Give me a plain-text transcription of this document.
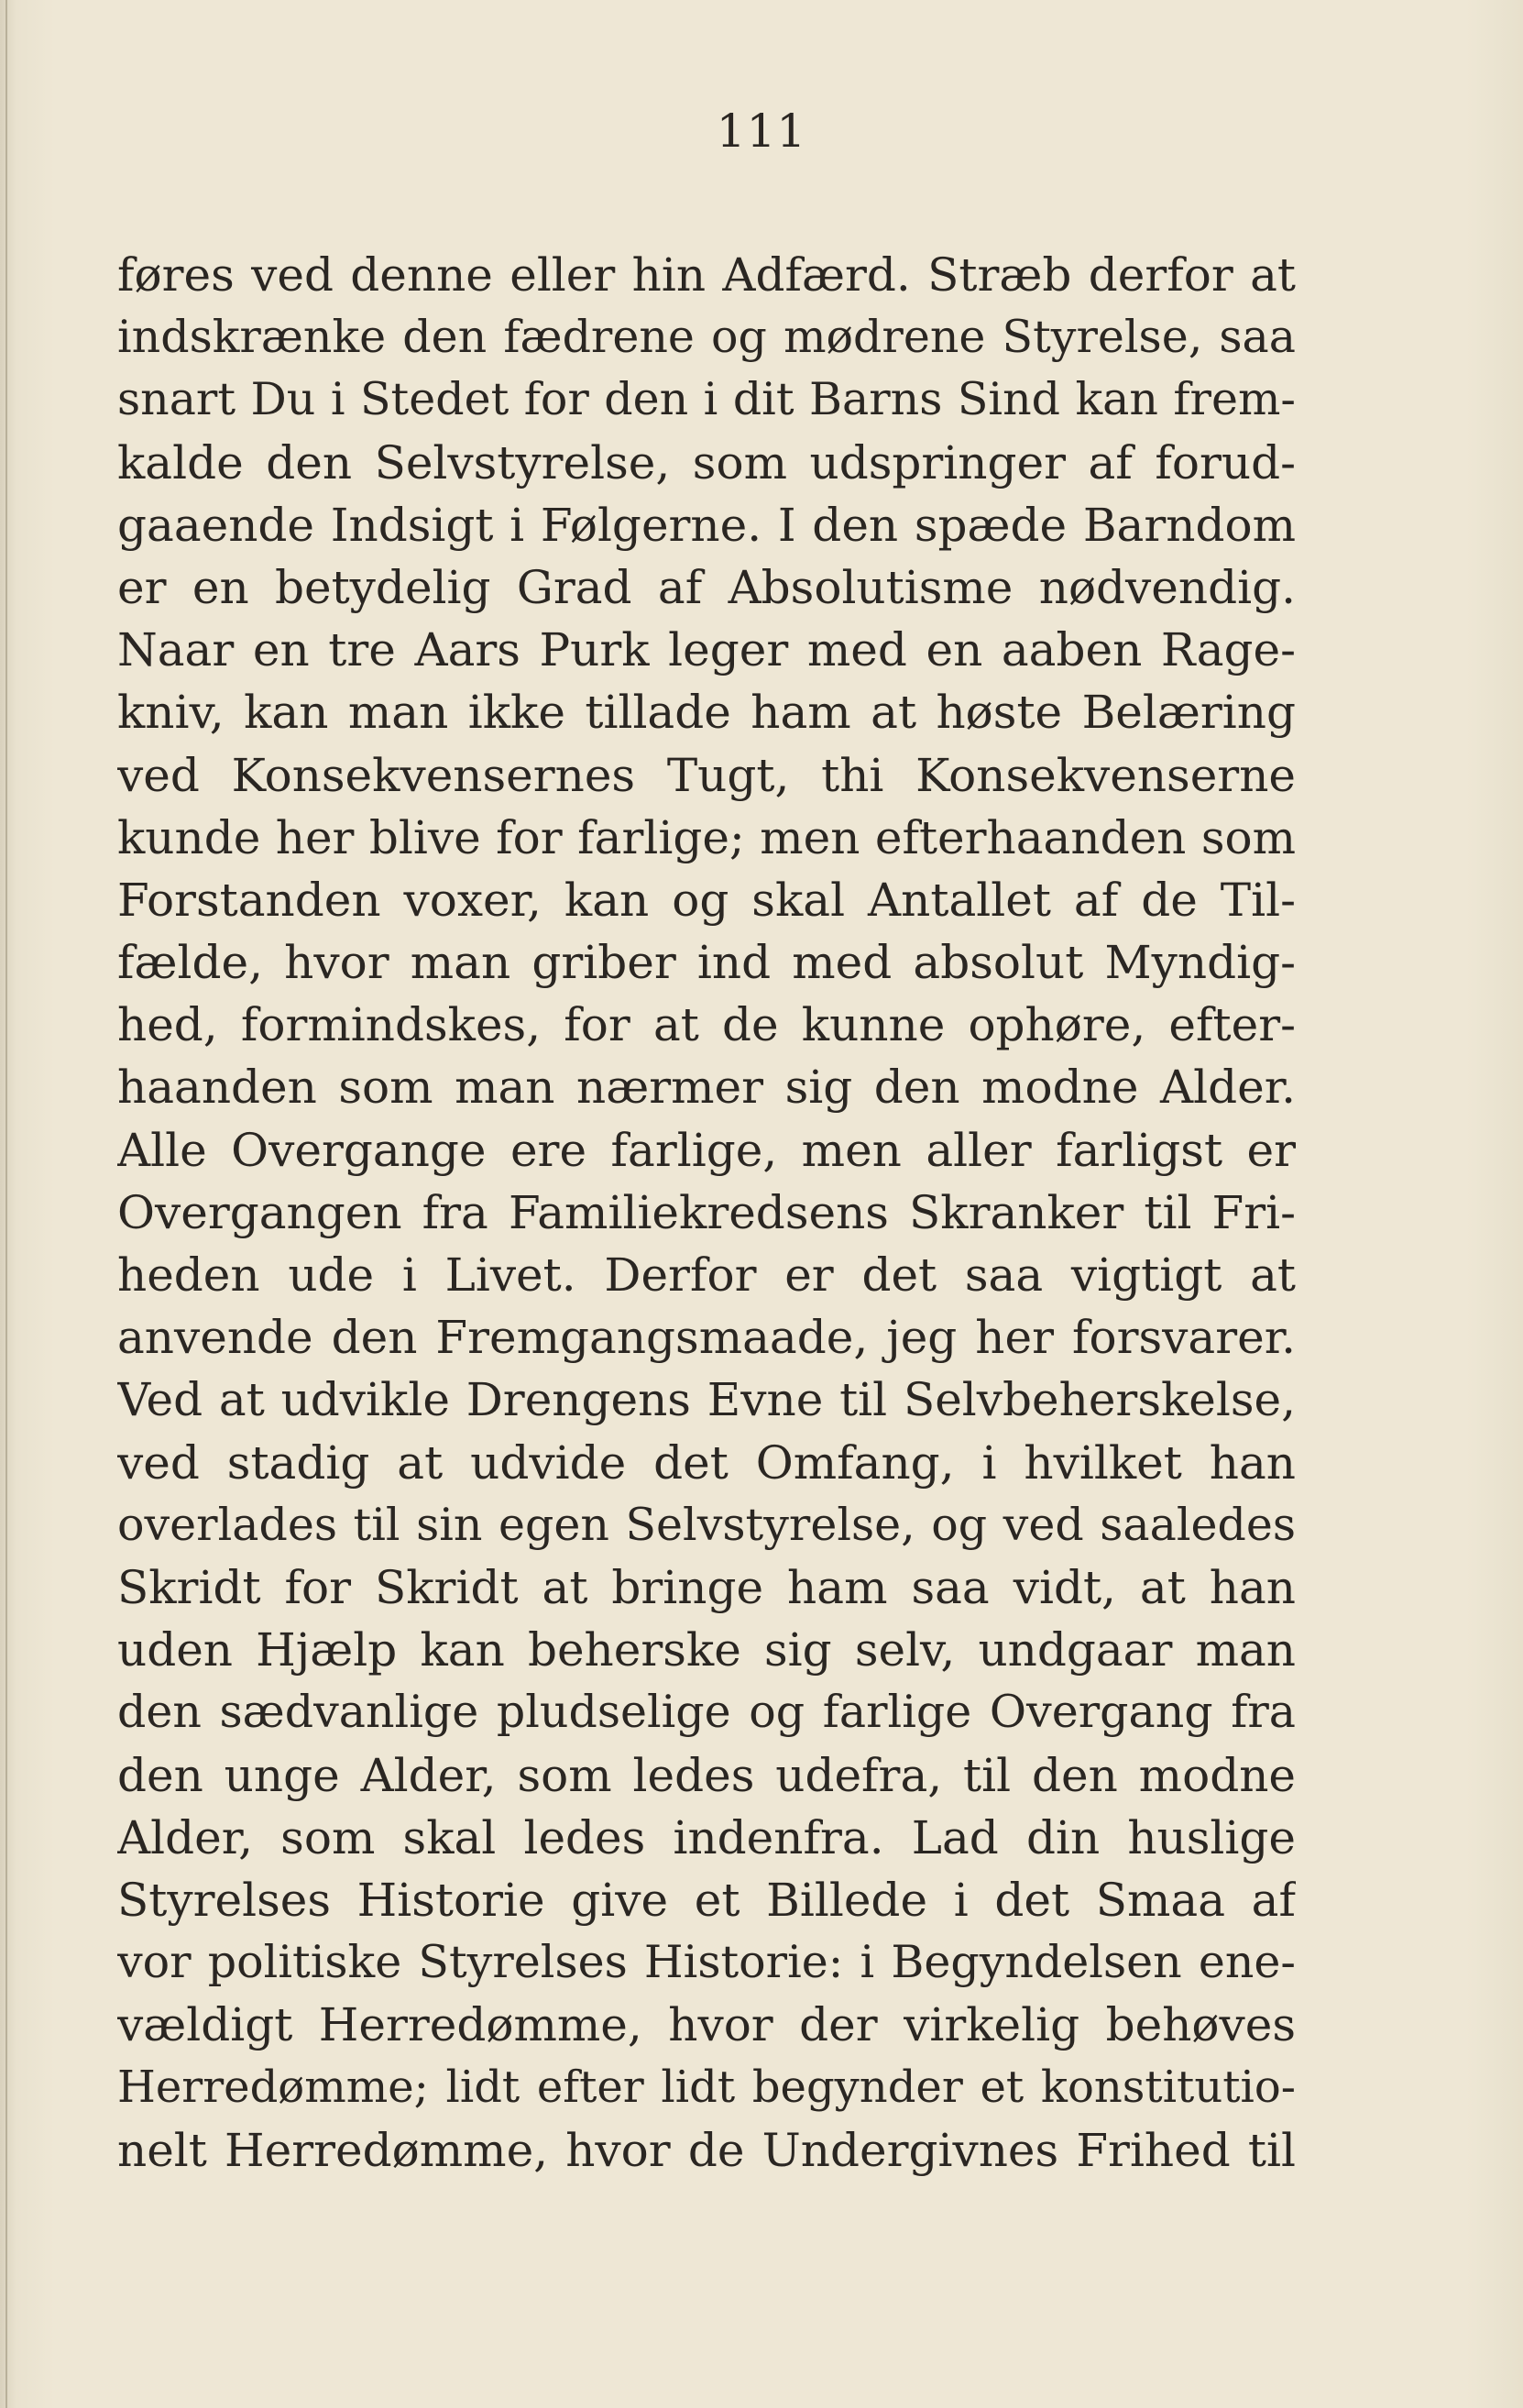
111
føres ved denne eller hin Adfærd. Stræb derfor at
indskrænke den fædrene og mødrene Styrelse, saa
snart Du i Stedet for den i dit Barns Sind kan frem-
kalde den Selvstyrelse, som udspringer af forud-
gaaende Indsigt i Følgerne. I den spæde Barndom
er en betydelig Grad af Absolutisme nødvendig.
Naar en tre Aars Purk leger med en aaben Rage-
kniv, kan man ikke tillade ham at høste Belæring
ved Konsekvensernes Tugt, thi Konsekvenserne
kunde her blive for farlige; men efterhaanden som
Forstanden voxer, kan og skal Antallet af de Til-
fælde, hvor man griber ind med absolut Myndig-
hed, formindskes, for at de kunne ophøre, efter-
haanden som man nærmer sig den modne Alder.
Alle Overgange ere farlige, men aller farligst er
Overgangen fra Familiekredsens Skranker til Fri-
heden ude i Livet. Derfor er det saa vigtigt at
anvende den Fremgangsmaade, jeg her forsvarer.
Ved at udvikle Drengens Evne til Selvbeherskelse,
ved stadig at udvide det Omfang, i hvilket han
overlades til sin egen Selvstyrelse, og ved saaledes
Skridt for Skridt at bringe ham saa vidt, at han
uden Hjælp kan beherske sig selv, undgaar man
den sædvanlige pludselige og farlige Overgang fra
den unge Alder, som ledes udefra, til den modne
Alder, som skal ledes indenfra. Lad din huslige
Styrelses Historie give et Billede i det Smaa af
vor politiske Styrelses Historie: i Begyndelsen ene-
vældigt Herredømme, hvor der virkelig behøves
Herredømme; lidt efter lidt begynder et konstitutio-
nelt Herredømme, hvor de Undergivnes Frihed til
